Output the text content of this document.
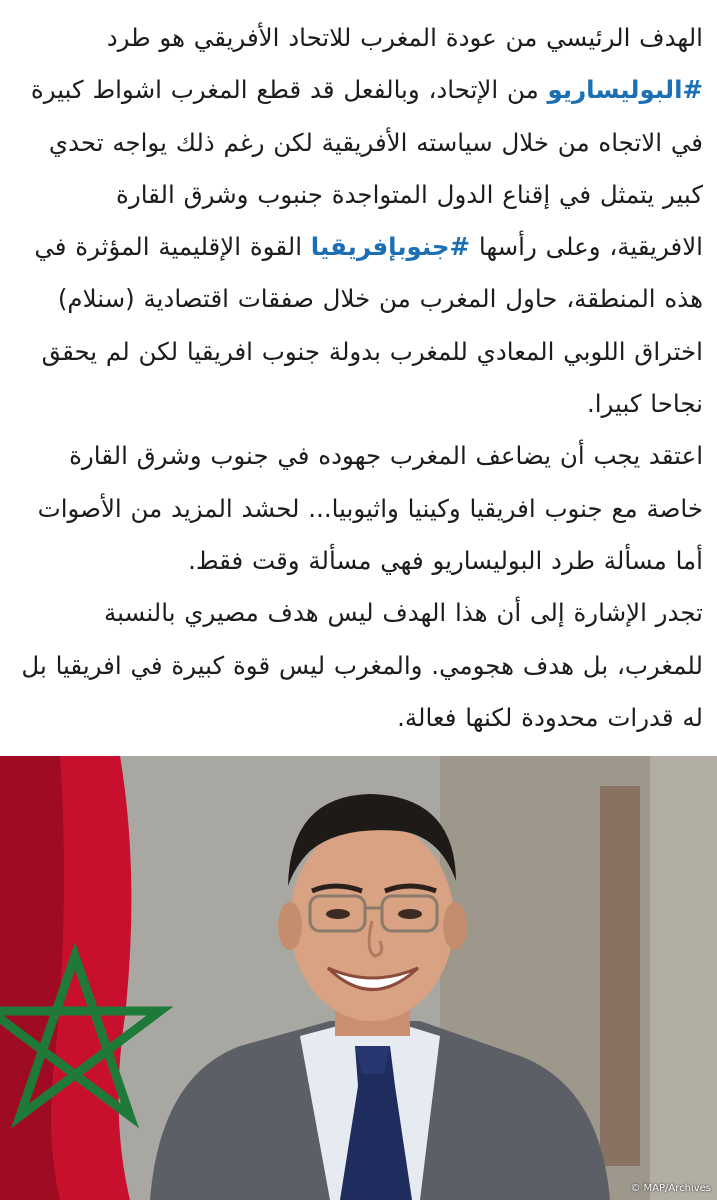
الهدف الرئيسي من عودة المغرب للاتحاد الأفريقي هو طرد #البوليساريو من الإتحاد، وبالفعل قد قطع المغرب اشواط كبيرة في الاتجاه من خلال سياسته الأفريقية لكن رغم ذلك يواجه تحدي كبير يتمثل في إقناع الدول المتواجدة جنبوب وشرق القارة الافريقية، وعلى رأسها #جنوبإفريقيا القوة الإقليمية المؤثرة في هذه المنطقة، حاول المغرب من خلال صفقات اقتصادية (سنلام) اختراق اللوبي المعادي للمغرب بدولة جنوب افريقيا لكن لم يحقق نجاحا كبيرا.

اعتقد يجب أن يضاعف المغرب جهوده في جنوب وشرق القارة خاصة مع جنوب افريقيا وكينيا واثيوبيا... لحشد المزيد من الأصوات أما مسألة طرد البوليساريو فهي مسألة وقت فقط.

تجدر الإشارة إلى أن هذا الهدف ليس هدف مصيري بالنسبة للمغرب، بل هدف هجومي. والمغرب ليس قوة كبيرة في افريقيا بل له قدرات محدودة لكنها فعالة.

© MAP/Archives
